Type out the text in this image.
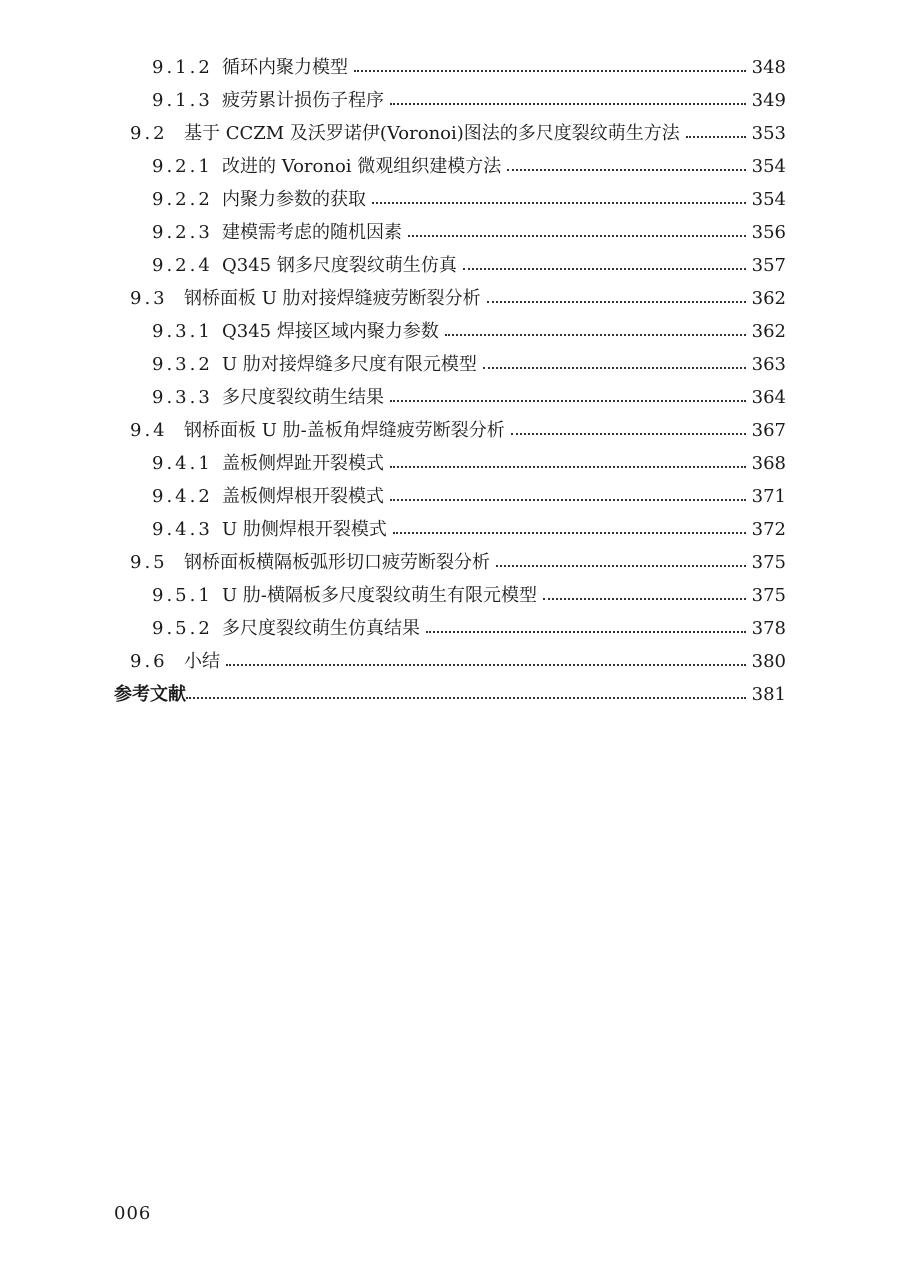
9.1.2 循环内聚力模型	348
9.1.3 疲劳累计损伤子程序	349
9.2 基于 CCZM 及沃罗诺伊(Voronoi)图法的多尺度裂纹萌生方法	353
9.2.1 改进的 Voronoi 微观组织建模方法	354
9.2.2 内聚力参数的获取	354
9.2.3 建模需考虑的随机因素	356
9.2.4 Q345 钢多尺度裂纹萌生仿真	357
9.3 钢桥面板 U 肋对接焊缝疲劳断裂分析	362
9.3.1 Q345 焊接区域内聚力参数	362
9.3.2 U 肋对接焊缝多尺度有限元模型	363
9.3.3 多尺度裂纹萌生结果	364
9.4 钢桥面板 U 肋-盖板角焊缝疲劳断裂分析	367
9.4.1 盖板侧焊趾开裂模式	368
9.4.2 盖板侧焊根开裂模式	371
9.4.3 U 肋侧焊根开裂模式	372
9.5 钢桥面板横隔板弧形切口疲劳断裂分析	375
9.5.1 U 肋-横隔板多尺度裂纹萌生有限元模型	375
9.5.2 多尺度裂纹萌生仿真结果	378
9.6 小结	380
参考文献	381
006
